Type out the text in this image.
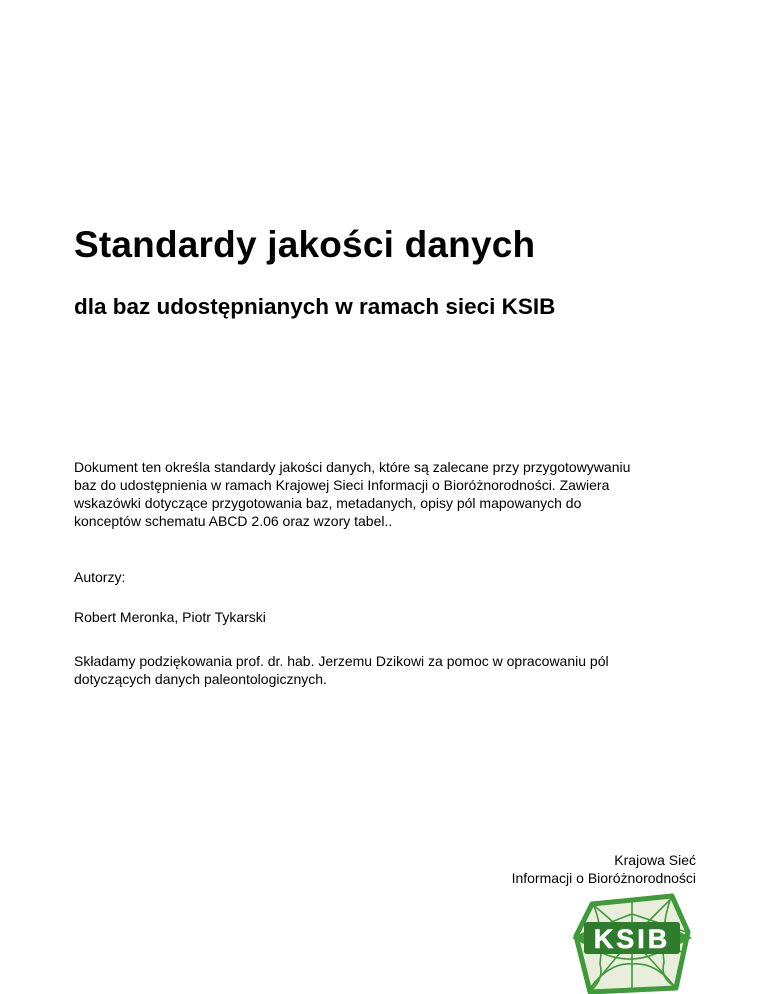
Standardy jakości danych
dla baz udostępnianych w ramach sieci KSIB

Dokument ten określa standardy jakości danych, które są zalecane przy przygotowywaniu
baz do udostępnienia w ramach Krajowej Sieci Informacji o Bioróżnorodności. Zawiera
wskazówki dotyczące przygotowania baz, metadanych, opisy pól mapowanych do
konceptów schematu ABCD 2.06 oraz wzory tabel..

Autorzy:

Robert Meronka, Piotr Tykarski

Składamy podziękowania prof. dr. hab. Jerzemu Dzikowi za pomoc w opracowaniu pól
dotyczących danych paleontologicznych.

Krajowa Sieć
Informacji o Bioróżnorodności

KSIB
